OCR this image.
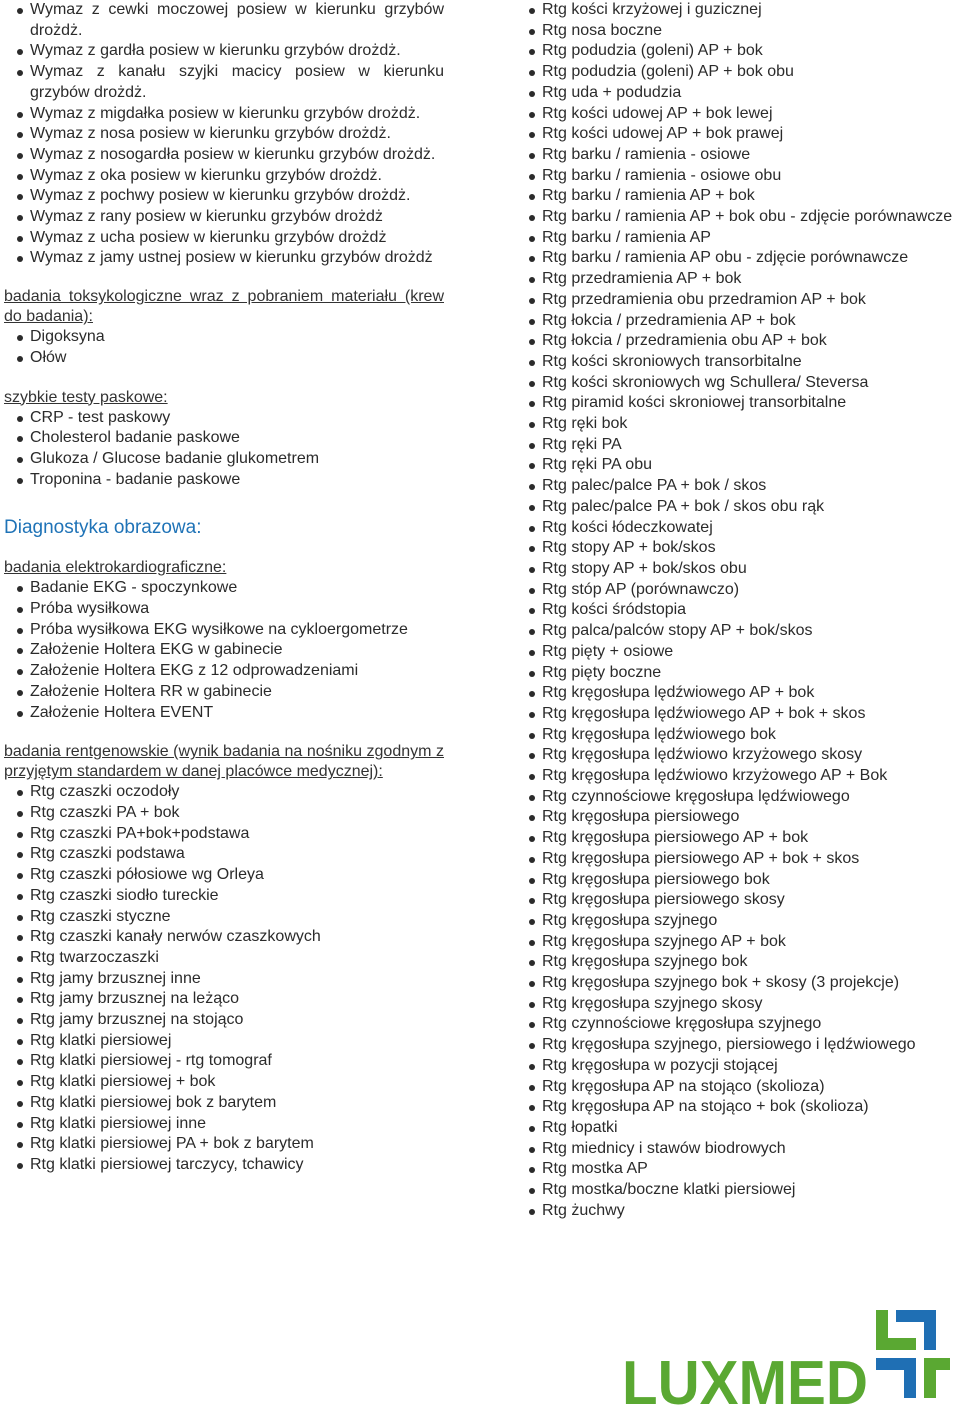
Wymaz z cewki moczowej posiew w kierunku grzybów drożdż.
Wymaz z gardła posiew w kierunku grzybów drożdż.
Wymaz z kanału szyjki macicy posiew w kierunku grzybów drożdż.
Wymaz z migdałka posiew w kierunku grzybów drożdż.
Wymaz z nosa posiew w kierunku grzybów drożdż.
Wymaz z nosogardła posiew w kierunku grzybów drożdż.
Wymaz z oka posiew w kierunku grzybów drożdż.
Wymaz z pochwy posiew w kierunku grzybów drożdż.
Wymaz z rany posiew w kierunku grzybów drożdż
Wymaz z ucha posiew w kierunku grzybów drożdż
Wymaz z jamy ustnej posiew w kierunku grzybów drożdż

badania toksykologiczne wraz z pobraniem materiału (krew do badania):

Digoksyna
Ołów

szybkie testy paskowe:

CRP - test paskowy
Cholesterol badanie paskowe
Glukoza / Glucose badanie glukometrem
Troponina - badanie paskowe
Diagnostyka obrazowa:

badania elektrokardiograficzne:

Badanie EKG - spoczynkowe
Próba wysiłkowa
Próba wysiłkowa EKG wysiłkowe na cykloergometrze
Założenie Holtera EKG w gabinecie
Założenie Holtera EKG z 12 odprowadzeniami
Założenie Holtera RR w gabinecie
Założenie Holtera EVENT

badania rentgenowskie (wynik badania na nośniku zgodnym z przyjętym standardem w danej placówce medycznej):

Rtg czaszki oczodoły
Rtg czaszki PA + bok
Rtg czaszki PA+bok+podstawa
Rtg czaszki podstawa
Rtg czaszki półosiowe wg Orleya
Rtg czaszki siodło tureckie
Rtg czaszki styczne
Rtg czaszki kanały nerwów czaszkowych
Rtg twarzoczaszki
Rtg jamy brzusznej inne
Rtg jamy brzusznej na leżąco
Rtg jamy brzusznej na stojąco
Rtg klatki piersiowej
Rtg klatki piersiowej - rtg tomograf
Rtg klatki piersiowej + bok
Rtg klatki piersiowej bok z barytem
Rtg klatki piersiowej inne
Rtg klatki piersiowej PA + bok z barytem
Rtg klatki piersiowej tarczycy, tchawicy
Rtg kości krzyżowej i guzicznej
Rtg nosa boczne
Rtg podudzia (goleni) AP + bok
Rtg podudzia (goleni) AP + bok obu
Rtg uda + podudzia
Rtg kości udowej AP + bok lewej
Rtg kości udowej AP + bok prawej
Rtg barku / ramienia - osiowe
Rtg barku / ramienia - osiowe obu
Rtg barku / ramienia AP + bok
Rtg barku / ramienia AP + bok obu - zdjęcie porównawcze
Rtg barku / ramienia AP
Rtg barku / ramienia AP obu - zdjęcie porównawcze
Rtg przedramienia AP + bok
Rtg przedramienia obu przedramion AP + bok
Rtg łokcia / przedramienia AP + bok
Rtg łokcia / przedramienia obu AP + bok
Rtg kości skroniowych transorbitalne
Rtg kości skroniowych wg Schullera/ Steversa
Rtg piramid kości skroniowej transorbitalne
Rtg ręki bok
Rtg ręki PA
Rtg ręki PA obu
Rtg palec/palce PA + bok / skos
Rtg palec/palce PA + bok / skos obu rąk
Rtg kości łódeczkowatej
Rtg stopy AP + bok/skos
Rtg stopy AP + bok/skos obu
Rtg stóp AP (porównawczo)
Rtg kości śródstopia
Rtg palca/palców stopy AP + bok/skos
Rtg pięty + osiowe
Rtg pięty boczne
Rtg kręgosłupa lędźwiowego AP + bok
Rtg kręgosłupa lędźwiowego AP + bok + skos
Rtg kręgosłupa lędźwiowego bok
Rtg kręgosłupa lędźwiowo krzyżowego skosy
Rtg kręgosłupa lędźwiowo krzyżowego AP + Bok
Rtg czynnościowe kręgosłupa lędźwiowego
Rtg kręgosłupa piersiowego
Rtg kręgosłupa piersiowego AP + bok
Rtg kręgosłupa piersiowego AP + bok + skos
Rtg kręgosłupa piersiowego bok
Rtg kręgosłupa piersiowego skosy
Rtg kręgosłupa szyjnego
Rtg kręgosłupa szyjnego AP + bok
Rtg kręgosłupa szyjnego bok
Rtg kręgosłupa szyjnego bok + skosy (3 projekcje)
Rtg kręgosłupa szyjnego skosy
Rtg czynnościowe kręgosłupa szyjnego
Rtg kręgosłupa szyjnego, piersiowego i lędźwiowego
Rtg kręgosłupa w pozycji stojącej
Rtg kręgosłupa AP na stojąco (skolioza)
Rtg kręgosłupa AP na stojąco + bok (skolioza)
Rtg łopatki
Rtg miednicy i stawów biodrowych
Rtg mostka AP
Rtg mostka/boczne klatki piersiowej
Rtg żuchwy
LUXMED
